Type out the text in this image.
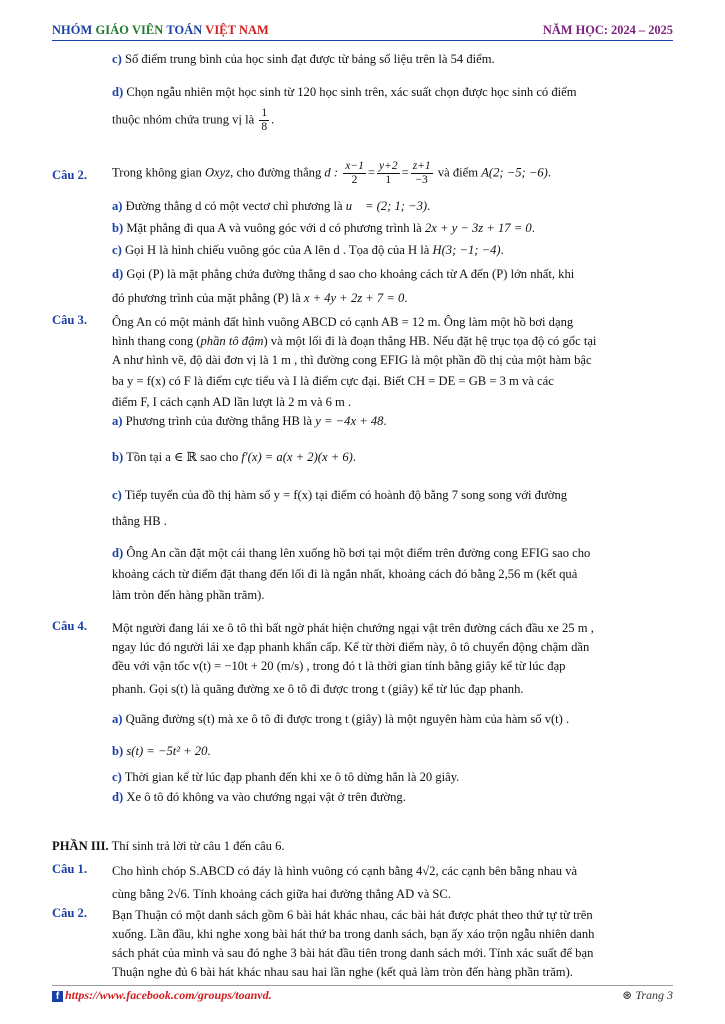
NHÓM GIÁO VIÊN TOÁN VIỆT NAM	NĂM HỌC: 2024 – 2025
c) Số điểm trung bình của học sinh đạt được từ bảng số liệu trên là 54 điểm.
d) Chọn ngẫu nhiên một học sinh từ 120 học sinh trên, xác suất chọn được học sinh có điểm
thuộc nhóm chứa trung vị là $\frac{1}{8}$ .
Câu 2. Trong không gian Oxyz, cho đường thẳng d : $\frac{x-1}{2} = \frac{y+2}{1} = \frac{z+1}{-3}$ và điểm A(2; −5; −6).
a) Đường thẳng d có một vectơ chỉ phương là u⃗ = (2; 1; −3).
b) Mặt phẳng đi qua A và vuông góc với d có phương trình là 2x + y − 3z + 17 = 0.
c) Gọi H là hình chiếu vuông góc của A lên d . Tọa độ của H là H(3; −1; −4).
d) Gọi (P) là mặt phẳng chứa đường thẳng d sao cho khoảng cách từ A đến (P) lớn nhất, khi
đó phương trình của mặt phẳng (P) là x + 4y + 2z + 7 = 0.
Câu 3. Ông An có một mảnh đất hình vuông ABCD có cạnh AB = 12 m. Ông làm một hồ bơi dạng
hình thang cong (phần tô đậm) và một lối đi là đoạn thẳng HB. Nếu đặt hệ trục tọa độ có gốc tại
A như hình vẽ, độ dài đơn vị là 1 m , thì đường cong EFIG là một phần đồ thị của một hàm bậc
ba y = f(x) có F là điểm cực tiểu và I là điểm cực đại. Biết CH = DE = GB = 3 m và các
điểm F, I cách cạnh AD lần lượt là 2 m và 6 m .
a) Phương trình của đường thẳng HB là y = −4x + 48.
b) Tồn tại a ∈ ℝ sao cho f′(x) = a(x + 2)(x + 6).
c) Tiếp tuyến của đồ thị hàm số y = f(x) tại điểm có hoành độ bằng 7 song song với đường
thẳng HB .
d) Ông An cần đặt một cái thang lên xuống hồ bơi tại một điểm trên đường cong EFIG sao cho
khoảng cách từ điểm đặt thang đến lối đi là ngắn nhất, khoảng cách đó bằng 2,56 m (kết quả
làm tròn đến hàng phần trăm).
Câu 4. Một người đang lái xe ô tô thì bất ngờ phát hiện chướng ngại vật trên đường cách đầu xe 25 m ,
ngay lúc đó người lái xe đạp phanh khẩn cấp. Kể từ thời điểm này, ô tô chuyển động chậm dần
đều với vận tốc v(t) = −10t + 20 (m/s) , trong đó t là thời gian tính bằng giây kể từ lúc đạp
phanh. Gọi s(t) là quãng đường xe ô tô đi được trong t (giây) kể từ lúc đạp phanh.
a) Quãng đường s(t) mà xe ô tô đi được trong t (giây) là một nguyên hàm của hàm số v(t) .
b) s(t) = −5t² + 20.
c) Thời gian kể từ lúc đạp phanh đến khi xe ô tô dừng hẳn là 20 giây.
d) Xe ô tô đó không va vào chướng ngại vật ở trên đường.
PHẦN III. Thí sinh trả lời từ câu 1 đến câu 6.
Câu 1. Cho hình chóp S.ABCD có đáy là hình vuông có cạnh bằng 4√2, các cạnh bên bằng nhau và
cùng bằng 2√6. Tính khoảng cách giữa hai đường thẳng AD và SC.
Câu 2. Bạn Thuận có một danh sách gồm 6 bài hát khác nhau, các bài hát được phát theo thứ tự từ trên
xuống. Lần đầu, khi nghe xong bài hát thứ ba trong danh sách, bạn ấy xáo trộn ngẫu nhiên danh
sách phát của mình và sau đó nghe 3 bài hát đầu tiên trong danh sách mới. Tính xác suất để bạn
Thuận nghe đủ 6 bài hát khác nhau sau hai lần nghe (kết quả làm tròn đến hàng phần trăm).
f https://www.facebook.com/groups/toanvd.	⊛ Trang 3
